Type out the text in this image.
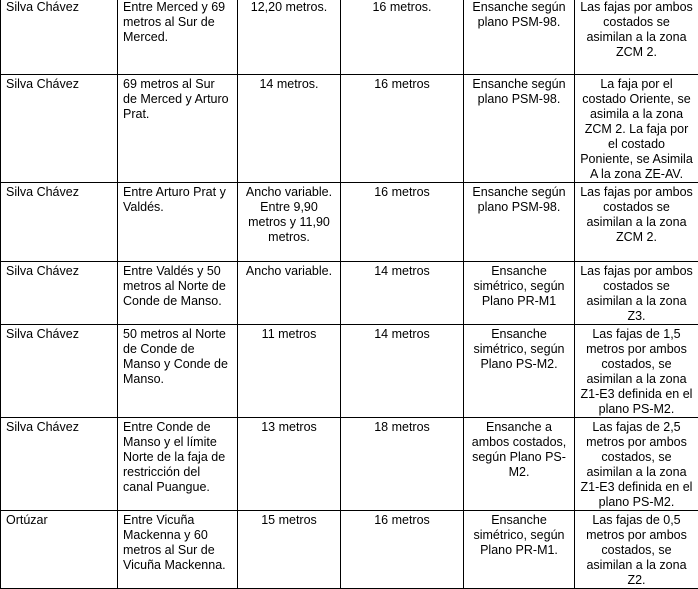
Silva Chávez	Entre Merced y 69 metros al Sur de Merced.	12,20 metros.	16 metros.	Ensanche según plano PSM-98.	Las fajas por ambos costados se asimilan a la zona ZCM 2.
Silva Chávez	69 metros al Sur de Merced y Arturo Prat.	14 metros.	16 metros	Ensanche según plano PSM-98.	La faja por el costado Oriente, se asimila a la zona ZCM 2. La faja por el costado Poniente, se Asimila A la zona ZE-AV.
Silva Chávez	Entre Arturo Prat y Valdés.	Ancho variable. Entre 9,90 metros y 11,90 metros.	16 metros	Ensanche según plano PSM-98.	Las fajas por ambos costados se asimilan a la zona ZCM 2.
Silva Chávez	Entre Valdés y 50 metros al Norte de Conde de Manso.	Ancho variable.	14 metros	Ensanche simétrico, según Plano PR-M1	Las fajas por ambos costados se asimilan a la zona Z3.
Silva Chávez	50 metros al Norte de Conde de Manso y Conde de Manso.	11 metros	14 metros	Ensanche simétrico, según Plano PS-M2.	Las fajas de 1,5 metros por ambos costados, se asimilan a la zona Z1-E3 definida en el plano PS-M2.
Silva Chávez	Entre Conde de Manso y el límite Norte de la faja de restricción del canal Puangue.	13 metros	18 metros	Ensanche a ambos costados, según Plano PS-M2.	Las fajas de 2,5 metros por ambos costados, se asimilan a la zona Z1-E3 definida en el plano PS-M2.
Ortúzar	Entre Vicuña Mackenna y 60 metros al Sur de Vicuña Mackenna.	15 metros	16 metros	Ensanche simétrico, según Plano PR-M1.	Las fajas de 0,5 metros por ambos costados, se asimilan a la zona Z2.
